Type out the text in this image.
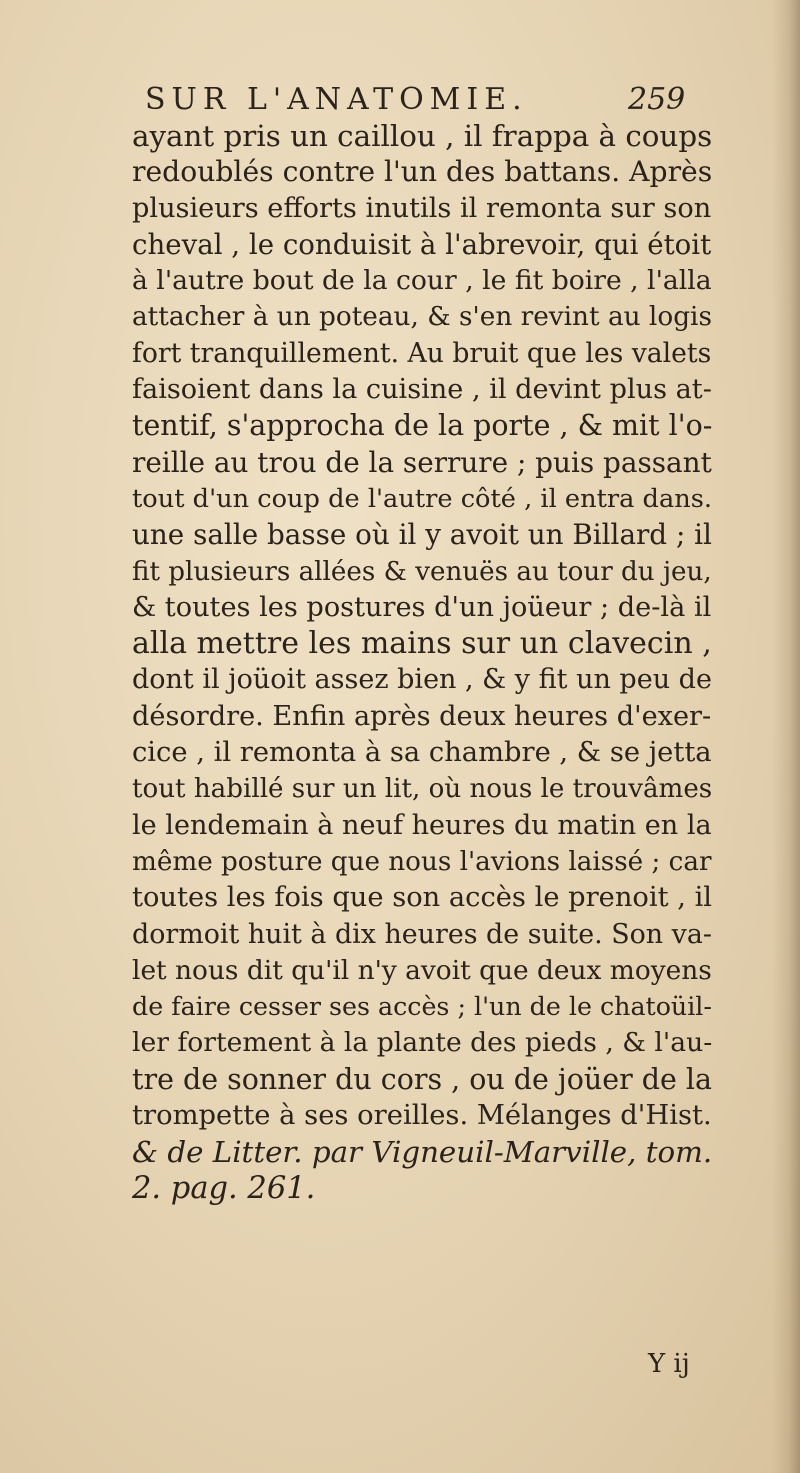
SUR L'ANATOMIE.	259
ayant pris un caillou , il frappa à coups
redoublés contre l'un des battans. Après
plusieurs efforts inutils il remonta sur son
cheval , le conduisit à l'abrevoir, qui étoit
à l'autre bout de la cour , le fit boire , l'alla
attacher à un poteau, & s'en revint au logis
fort tranquillement. Au bruit que les valets
faisoient dans la cuisine , il devint plus at-
tentif, s'approcha de la porte , & mit l'o-
reille au trou de la serrure ; puis passant
tout d'un coup de l'autre côté , il entra dans.
une salle basse où il y avoit un Billard ; il
fit plusieurs allées & venuës au tour du jeu,
& toutes les postures d'un joüeur ; de-là il
alla mettre les mains sur un clavecin ,
dont il joüoit assez bien , & y fit un peu de
désordre. Enfin après deux heures d'exer-
cice , il remonta à sa chambre , & se jetta
tout habillé sur un lit, où nous le trouvâmes
le lendemain à neuf heures du matin en la
même posture que nous l'avions laissé ; car
toutes les fois que son accès le prenoit , il
dormoit huit à dix heures de suite. Son va-
let nous dit qu'il n'y avoit que deux moyens
de faire cesser ses accès ; l'un de le chatoüil-
ler fortement à la plante des pieds , & l'au-
tre de sonner du cors , ou de joüer de la
trompette à ses oreilles. Mélanges d'Hist.
& de Litter. par Vigneuil-Marville, tom.
2. pag. 261.
Y ij
